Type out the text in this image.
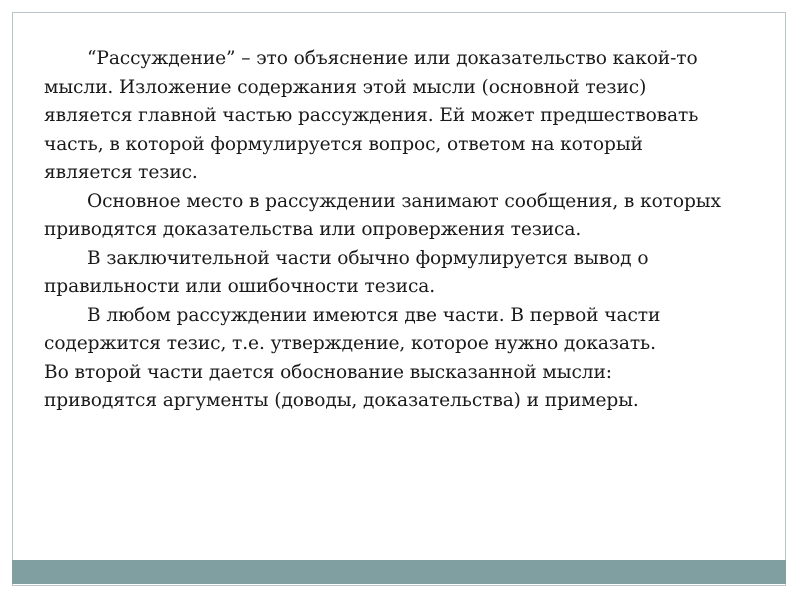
“Рассуждение” – это объяснение или доказательство какой-то
мысли. Изложение содержания этой мысли (основной тезис)
является главной частью рассуждения. Ей может предшествовать
часть, в которой формулируется вопрос, ответом на который
является тезис.
Основное место в рассуждении занимают сообщения, в которых
приводятся доказательства или опровержения тезиса.
В заключительной части обычно формулируется вывод о
правильности или ошибочности тезиса.
В любом рассуждении имеются две части. В первой части
содержится тезис, т.е. утверждение, которое нужно доказать.
Во второй части дается обоснование высказанной мысли:
приводятся аргументы (доводы, доказательства) и примеры.
